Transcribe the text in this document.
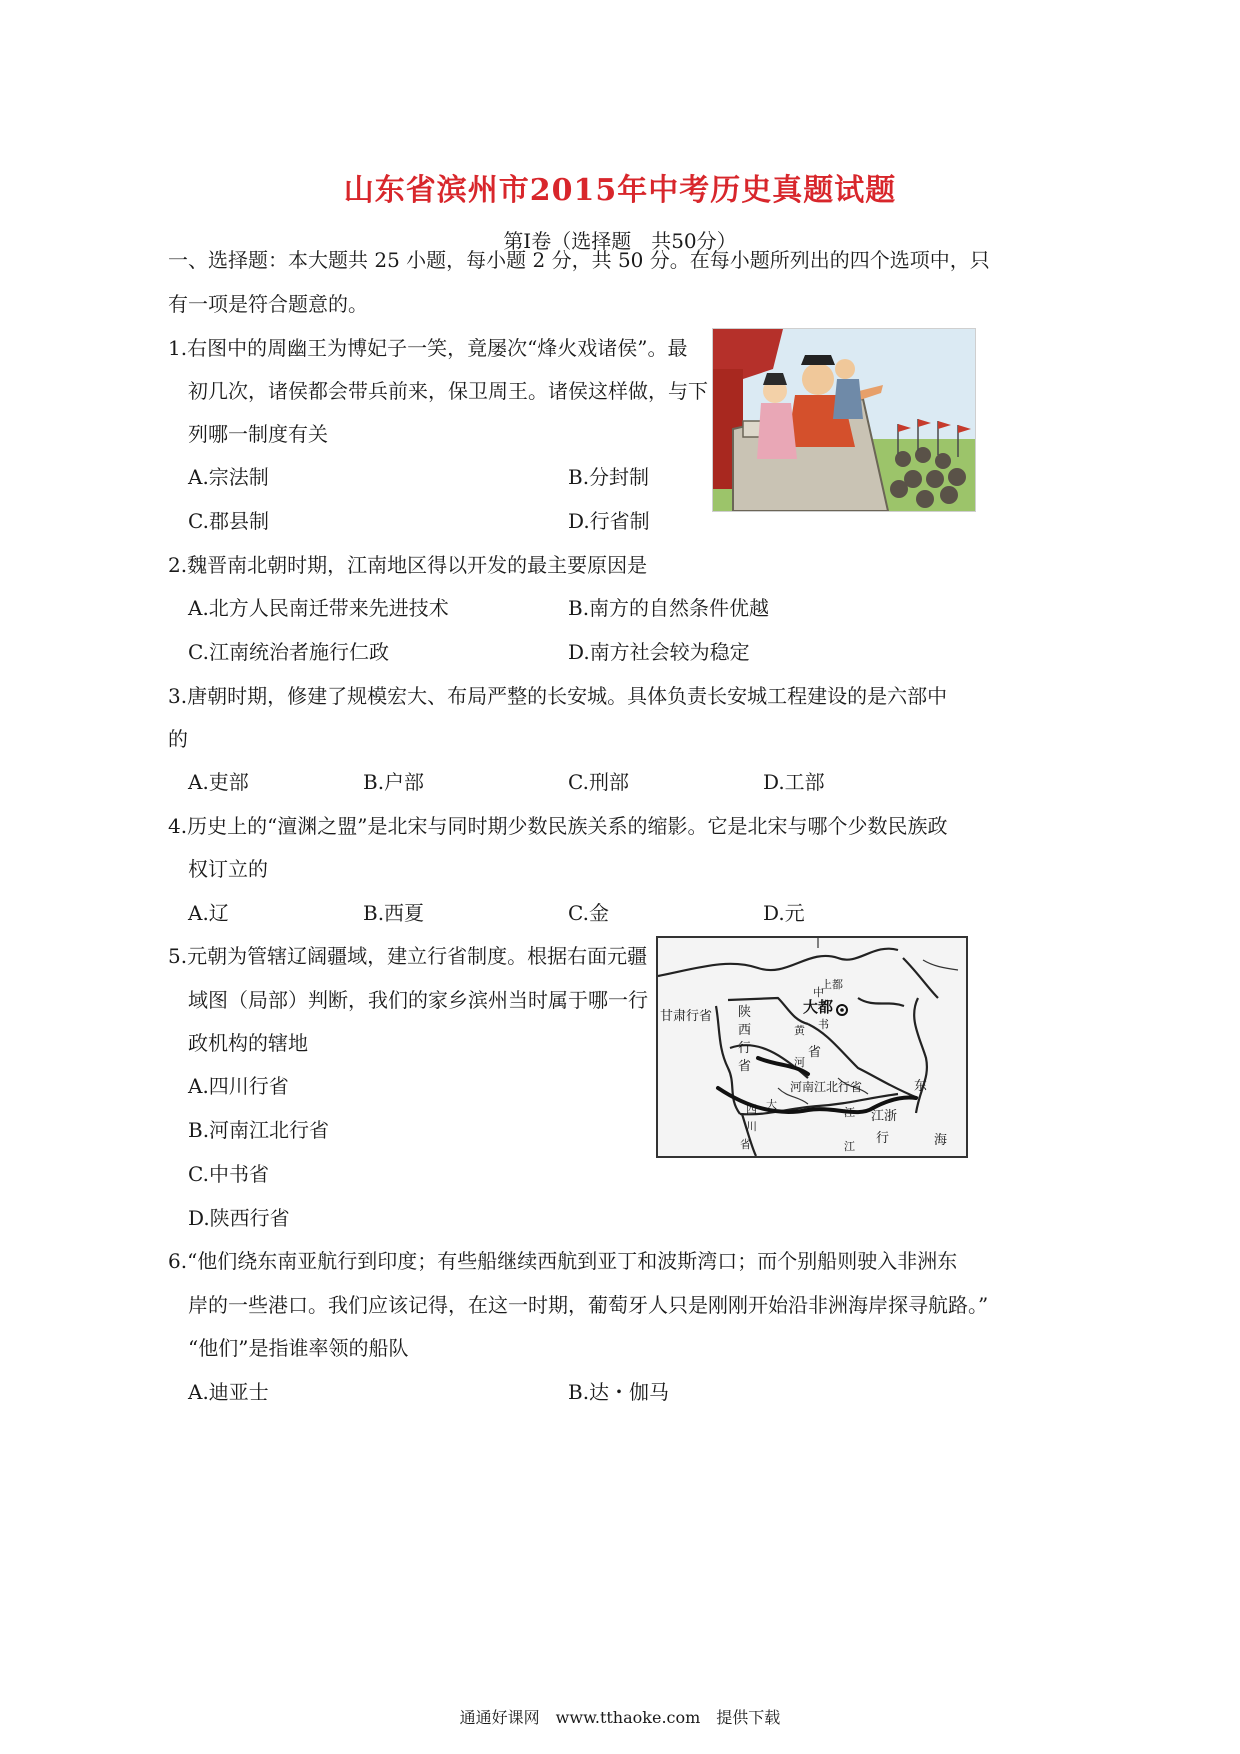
山东省滨州市2015年中考历史真题试题
第Ⅰ卷（选择题　共50分）
一、选择题：本大题共 25 小题，每小题 2 分，共 50 分。在每小题所列出的四个选项中，只
有一项是符合题意的。
1.右图中的周幽王为博妃子一笑，竟屡次“烽火戏诸侯”。最
初几次，诸侯都会带兵前来，保卫周王。诸侯这样做，与下
列哪一制度有关
A.宗法制	B.分封制
C.郡县制	D.行省制
2.魏晋南北朝时期，江南地区得以开发的最主要原因是
A.北方人民南迁带来先进技术	B.南方的自然条件优越
C.江南统治者施行仁政	D.南方社会较为稳定
3.唐朝时期，修建了规模宏大、布局严整的长安城。具体负责长安城工程建设的是六部中
的
A.吏部	B.户部	C.刑部	D.工部
4.历史上的“澶渊之盟”是北宋与同时期少数民族关系的缩影。它是北宋与哪个少数民族政
权订立的
A.辽	B.西夏	C.金	D.元
5.元朝为管辖辽阔疆域，建立行省制度。根据右面元疆
域图（局部）判断，我们的家乡滨州当时属于哪一行
政机构的辖地
A.四川行省
B.河南江北行省
C.中书省
D.陕西行省
甘肃行省 陕
西
行
省
上都
大都
中
书
省
河南江北行省
四
川
省
江浙
行
东
海
黄
河
大
江
江
6.“他们绕东南亚航行到印度；有些船继续西航到亚丁和波斯湾口；而个别船则驶入非洲东
岸的一些港口。我们应该记得，在这一时期，葡萄牙人只是刚刚开始沿非洲海岸探寻航路。”
“他们”是指谁率领的船队
A.迪亚士	B.达・伽马
通通好课网　www.tthaoke.com　提供下载
